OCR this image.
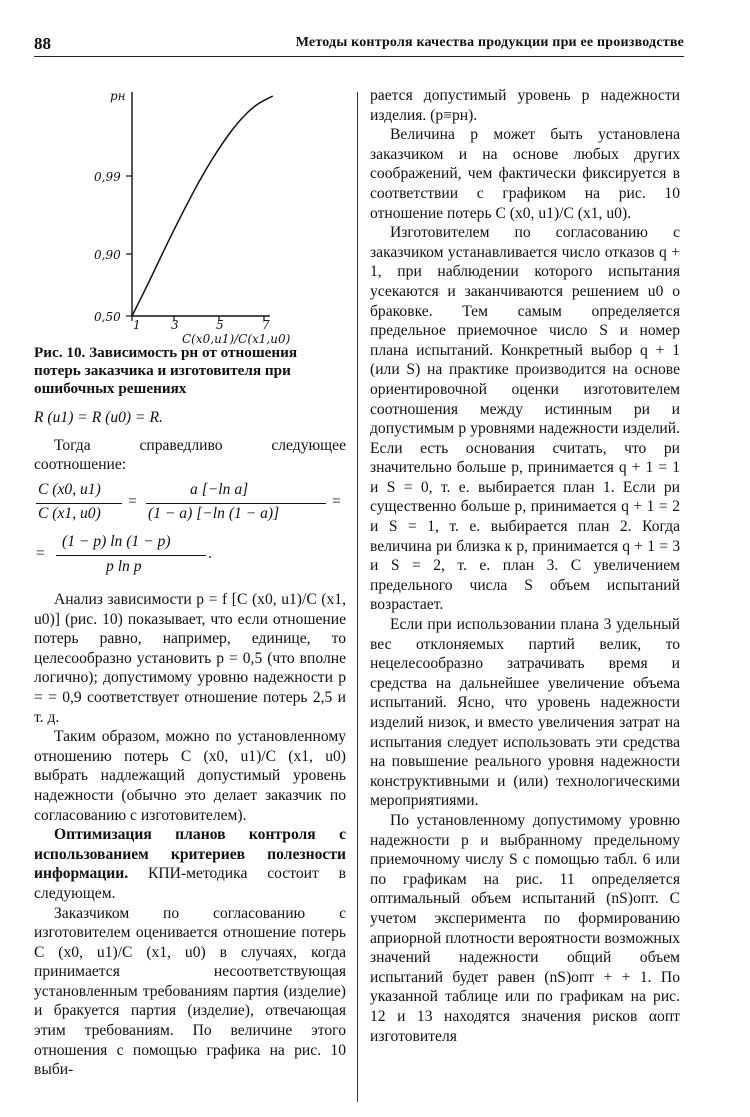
88	Методы контроля качества продукции при ее производстве
pн
0,99
0,90
0,50
1	3	5	7
C(x0,u1)/C(x1,u0)
Рис. 10. Зависимость pн от отношения потерь заказчика и изготовителя при ошибочных решениях

R (u1) = R (u0) = R.

Тогда справедливо следующее соотношение:

C (x0, u1)
C (x1, u0)
=
a [−ln a]
(1 − a) [−ln (1 − a)]
=
=
(1 − p) ln (1 − p)
p ln p
.

Анализ зависимости p = f [C (x0, u1)/C (x1, u0)] (рис. 10) показывает, что если отношение потерь равно, например, единице, то целесообразно установить p = 0,5 (что вполне логично); допустимому уровню надежности p = = 0,9 соответствует отношение потерь 2,5 и т. д.

Таким образом, можно по установленному отношению потерь C (x0, u1)/C (x1, u0) выбрать надлежащий допустимый уровень надежности (обычно это делает заказчик по согласованию с изготовителем).

Оптимизация планов контроля с использованием критериев полезности информации. КПИ-методика состоит в следующем.

Заказчиком по согласованию с изготовителем оценивается отношение потерь C (x0, u1)/C (x1, u0) в случаях, когда принимается несоответствующая установленным требованиям партия (изделие) и бракуется партия (изделие), отвечающая этим требованиям. По величине этого отношения с помощью графика на рис. 10 выби-

рается допустимый уровень p надежности изделия. (p≡pн).

Величина p может быть установлена заказчиком и на основе любых других соображений, чем фактически фиксируется в соответствии с графиком на рис. 10 отношение потерь C (x0, u1)/C (x1, u0).

Изготовителем по согласованию с заказчиком устанавливается число отказов q + 1, при наблюдении которого испытания усекаются и заканчиваются решением u0 о браковке. Тем самым определяется предельное приемочное число S и номер плана испытаний. Конкретный выбор q + 1 (или S) на практике производится на основе ориентировочной оценки изготовителем соотношения между истинным pи и допустимым p уровнями надежности изделий. Если есть основания считать, что pи значительно больше p, принимается q + 1 = 1 и S = 0, т. е. выбирается план 1. Если pи существенно больше p, принимается q + 1 = 2 и S = 1, т. е. выбирается план 2. Когда величина pи близка к p, принимается q + 1 = 3 и S = 2, т. е. план 3. С увеличением предельного числа S объем испытаний возрастает.

Если при использовании плана 3 удельный вес отклоняемых партий велик, то нецелесообразно затрачивать время и средства на дальнейшее увеличение объема испытаний. Ясно, что уровень надежности изделий низок, и вместо увеличения затрат на испытания следует использовать эти средства на повышение реального уровня надежности конструктивными и (или) технологическими мероприятиями.

По установленному допустимому уровню надежности p и выбранному предельному приемочному числу S с помощью табл. 6 или по графикам на рис. 11 определяется оптимальный объем испытаний (nS)опт. С учетом эксперимента по формированию априорной плотности вероятности возможных значений надежности общий объем испытаний будет равен (nS)опт + + 1. По указанной таблице или по графикам на рис. 12 и 13 находятся значения рисков αопт изготовителя
